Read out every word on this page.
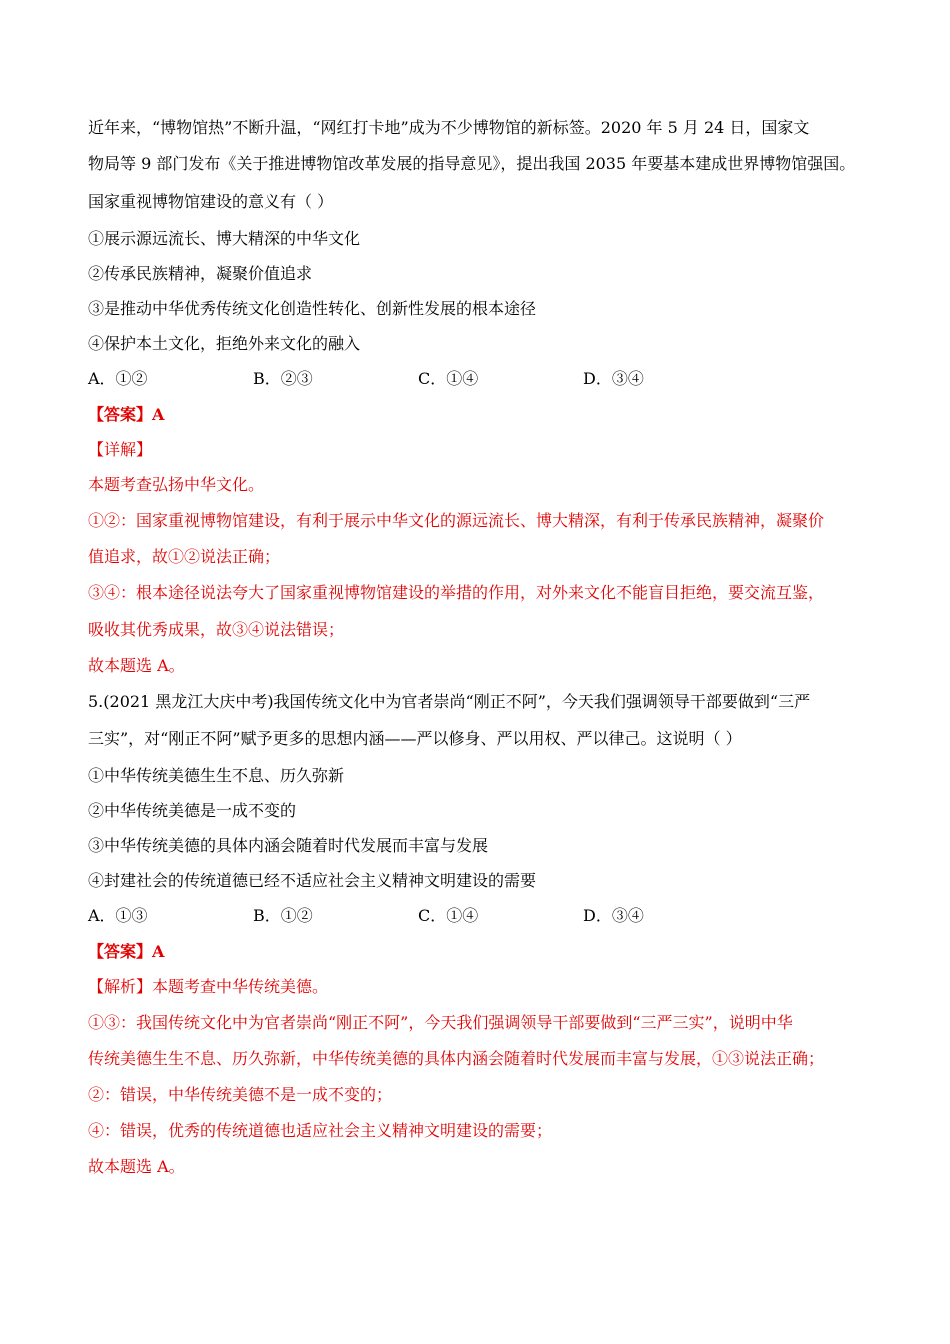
近年来，“博物馆热”不断升温，“网红打卡地”成为不少博物馆的新标签。2020 年 5 月 24 日，国家文
物局等 9 部门发布《关于推进博物馆改革发展的指导意见》，提出我国 2035 年要基本建成世界博物馆强国。
国家重视博物馆建设的意义有（ ）
①展示源远流长、博大精深的中华文化
②传承民族精神，凝聚价值追求
③是推动中华优秀传统文化创造性转化、创新性发展的根本途径
④保护本土文化，拒绝外来文化的融入
A．①②	B．②③	C．①④	D．③④
【答案】A
【详解】
本题考查弘扬中华文化。
①②：国家重视博物馆建设，有利于展示中华文化的源远流长、博大精深，有利于传承民族精神，凝聚价
值追求，故①②说法正确；
③④：根本途径说法夸大了国家重视博物馆建设的举措的作用，对外来文化不能盲目拒绝，要交流互鉴，
吸收其优秀成果，故③④说法错误；
故本题选 A。
5.(2021 黑龙江大庆中考)我国传统文化中为官者崇尚“刚正不阿”，今天我们强调领导干部要做到“三严
三实”，对“刚正不阿”赋予更多的思想内涵——严以修身、严以用权、严以律己。这说明（ ）
①中华传统美德生生不息、历久弥新
②中华传统美德是一成不变的
③中华传统美德的具体内涵会随着时代发展而丰富与发展
④封建社会的传统道德已经不适应社会主义精神文明建设的需要
A．①③	B．①②	C．①④	D．③④
【答案】A
【解析】本题考查中华传统美德。
①③：我国传统文化中为官者崇尚“刚正不阿”，今天我们强调领导干部要做到“三严三实”，说明中华
传统美德生生不息、历久弥新，中华传统美德的具体内涵会随着时代发展而丰富与发展，①③说法正确；
②：错误，中华传统美德不是一成不变的；
④：错误，优秀的传统道德也适应社会主义精神文明建设的需要；
故本题选 A。
